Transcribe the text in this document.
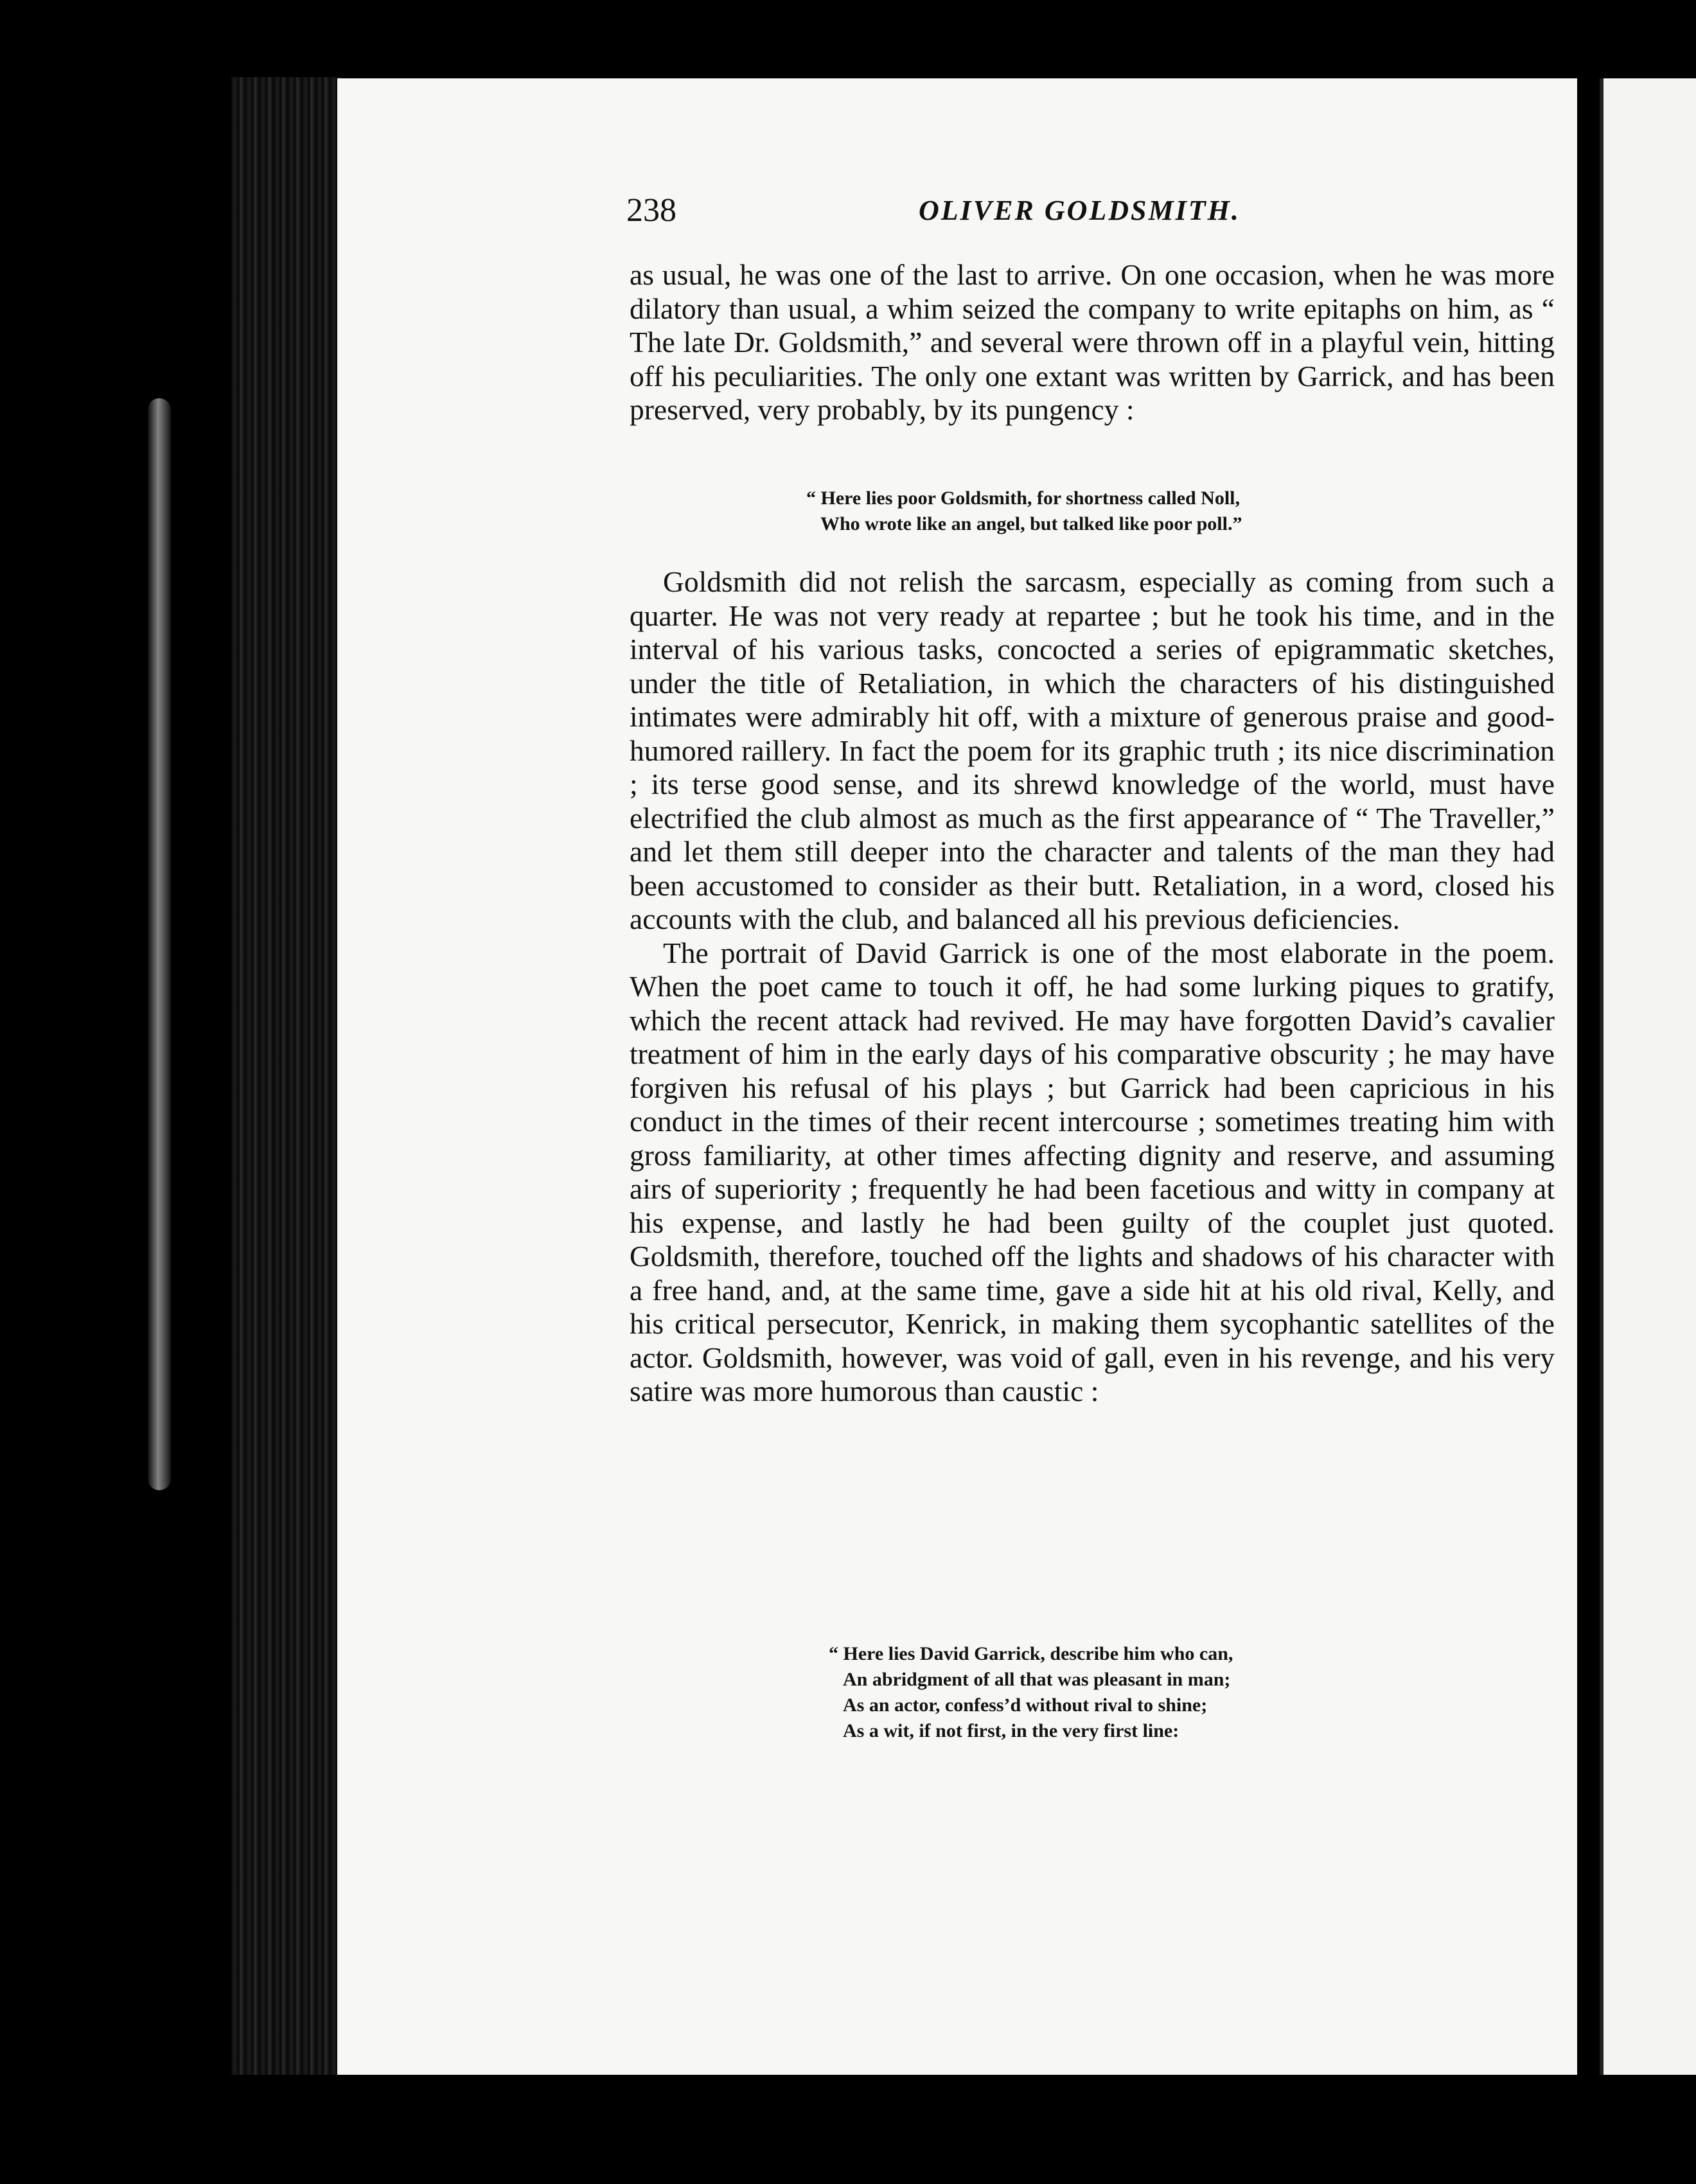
238	OLIVER GOLDSMITH.

as usual, he was one of the last to arrive. On one occasion, when he was more dilatory than usual, a whim seized the company to write epitaphs on him, as “ The late Dr. Goldsmith,” and several were thrown off in a playful vein, hitting off his peculiarities. The only one extant was written by Garrick, and has been preserved, very probably, by its pungency :

“ Here lies poor Goldsmith, for shortness called Noll,
Who wrote like an angel, but talked like poor poll.”

Goldsmith did not relish the sarcasm, especially as coming from such a quarter. He was not very ready at repartee ; but he took his time, and in the interval of his various tasks, concocted a series of epigrammatic sketches, under the title of Retaliation, in which the characters of his distinguished intimates were admirably hit off, with a mixture of generous praise and good-humored raillery. In fact the poem for its graphic truth ; its nice discrimination ; its terse good sense, and its shrewd knowledge of the world, must have electrified the club almost as much as the first appearance of “ The Traveller,” and let them still deeper into the character and talents of the man they had been accustomed to consider as their butt. Retaliation, in a word, closed his accounts with the club, and balanced all his previous deficiencies.

The portrait of David Garrick is one of the most elaborate in the poem. When the poet came to touch it off, he had some lurking piques to gratify, which the recent attack had revived. He may have forgotten David’s cavalier treatment of him in the early days of his comparative obscurity ; he may have forgiven his refusal of his plays ; but Garrick had been capricious in his conduct in the times of their recent intercourse ; sometimes treating him with gross familiarity, at other times affecting dignity and reserve, and assuming airs of superiority ; frequently he had been facetious and witty in company at his expense, and lastly he had been guilty of the couplet just quoted. Goldsmith, therefore, touched off the lights and shadows of his character with a free hand, and, at the same time, gave a side hit at his old rival, Kelly, and his critical persecutor, Kenrick, in making them sycophantic satellites of the actor. Goldsmith, however, was void of gall, even in his revenge, and his very satire was more humorous than caustic :

“ Here lies David Garrick, describe him who can,
An abridgment of all that was pleasant in man;
As an actor, confess’d without rival to shine;
As a wit, if not first, in the very first line:
